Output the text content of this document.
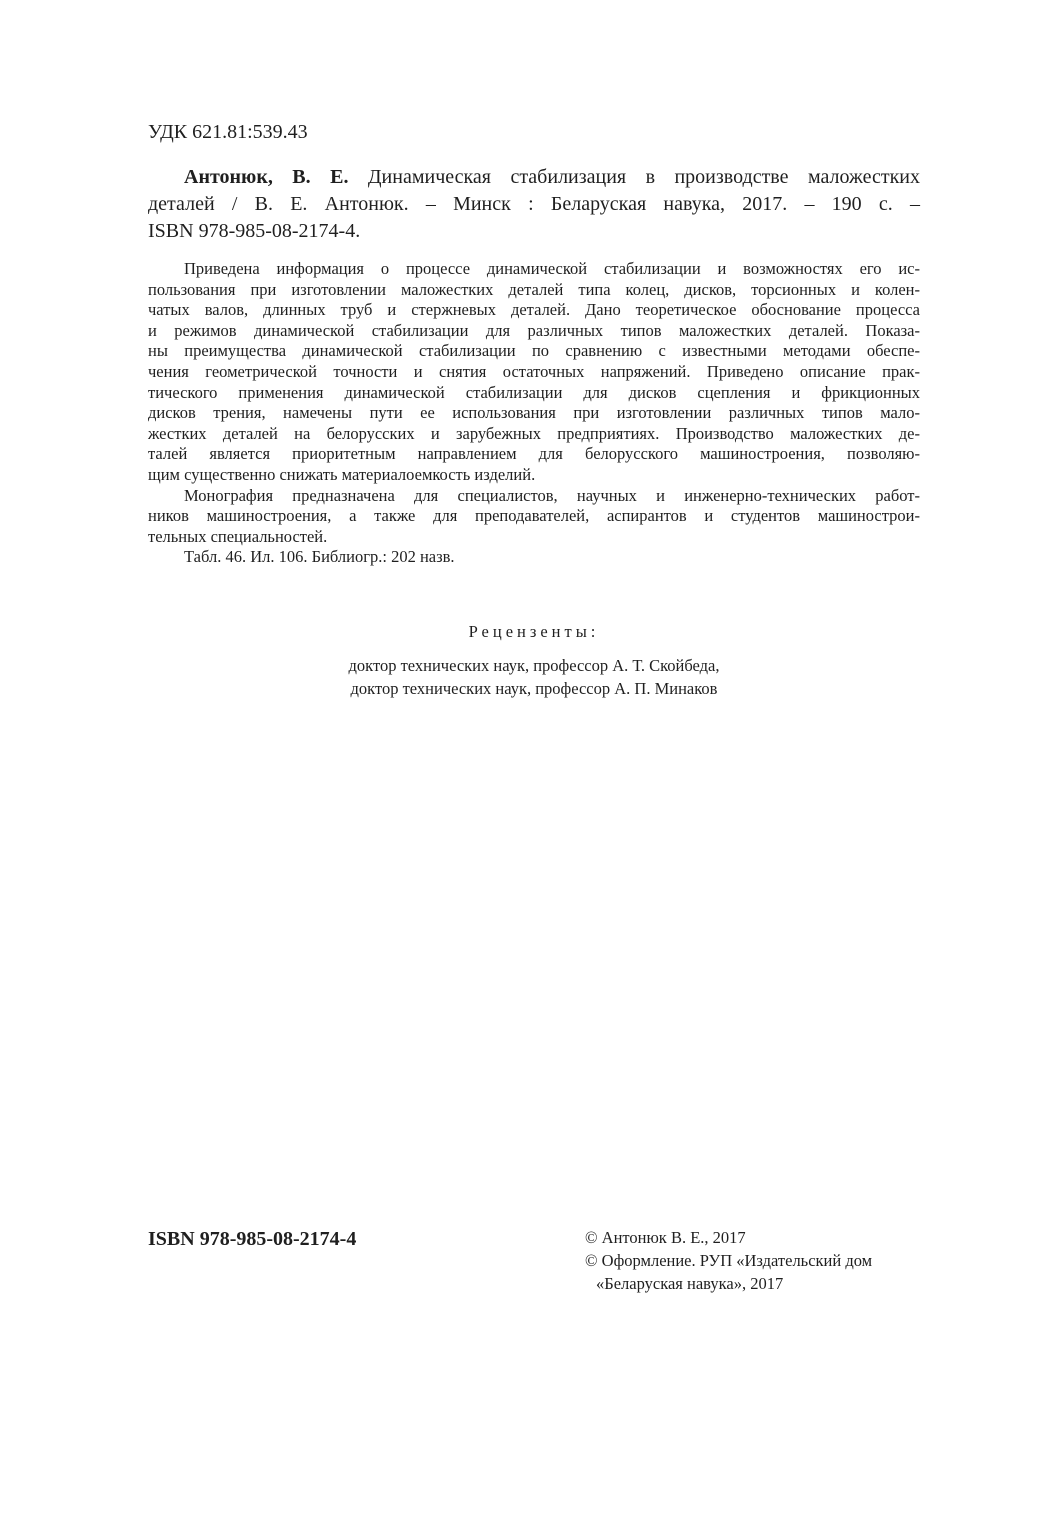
УДК 621.81:539.43
Антонюк, В. Е. Динамическая стабилизация в производстве маложестких
деталей / В. Е. Антонюк. – Минск : Беларуская навука, 2017. – 190 с. –
ISBN 978-985-08-2174-4.
Приведена информация о процессе динамической стабилизации и возможностях его ис-
пользования при изготовлении маложестких деталей типа колец, дисков, торсионных и колен-
чатых валов, длинных труб и стержневых деталей. Дано теоретическое обоснование процесса
и режимов динамической стабилизации для различных типов маложестких деталей. Показа-
ны преимущества динамической стабилизации по сравнению с известными методами обеспе-
чения геометрической точности и снятия остаточных напряжений. Приведено описание прак-
тического применения динамической стабилизации для дисков сцепления и фрикционных
дисков трения, намечены пути ее использования при изготовлении различных типов мало-
жестких деталей на белорусских и зарубежных предприятиях. Производство маложестких де-
талей является приоритетным направлением для белорусского машиностроения, позволяю-
щим существенно снижать материалоемкость изделий.
Монография предназначена для специалистов, научных и инженерно-технических работ-
ников машиностроения, а также для преподавателей, аспирантов и студентов машинострои-
тельных специальностей.
Табл. 46. Ил. 106. Библиогр.: 202 назв.
Рецензенты:
доктор технических наук, профессор А. Т. Скойбеда,
доктор технических наук, профессор А. П. Минаков
ISBN 978-985-08-2174-4	© Антонюк В. Е., 2017
© Оформление. РУП «Издательский дом
«Беларуская навука», 2017
